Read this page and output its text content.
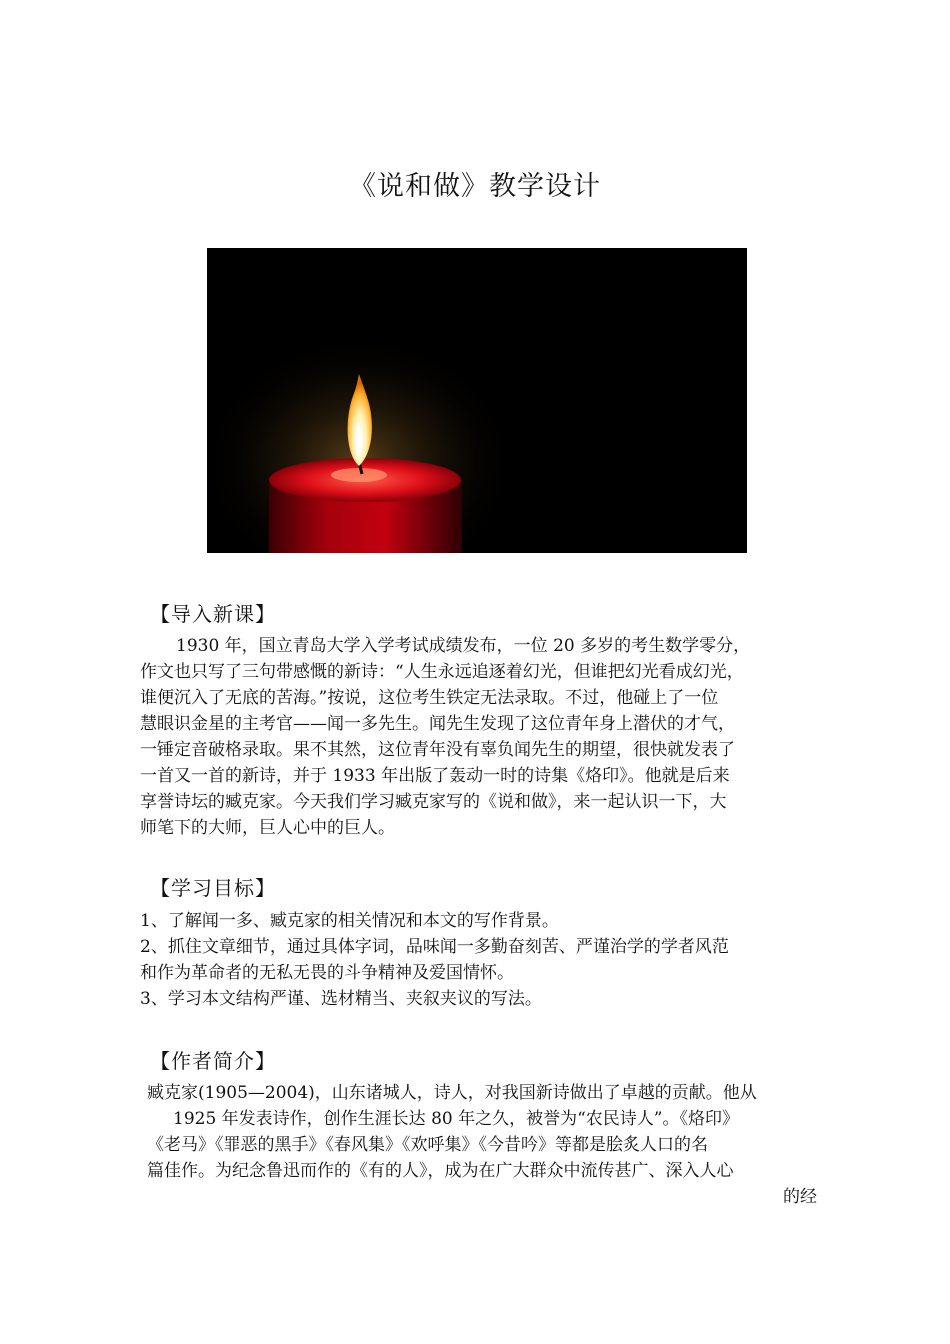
《说和做》教学设计
【导入新课】
1930 年，国立青岛大学入学考试成绩发布，一位 20 多岁的考生数学零分，
作文也只写了三句带感慨的新诗：“人生永远追逐着幻光，但谁把幻光看成幻光，
谁便沉入了无底的苦海。”按说，这位考生铁定无法录取。不过，他碰上了一位
慧眼识金星的主考官——闻一多先生。闻先生发现了这位青年身上潜伏的才气，
一锤定音破格录取。果不其然，这位青年没有辜负闻先生的期望，很快就发表了
一首又一首的新诗，并于 1933 年出版了轰动一时的诗集《烙印》。他就是后来
享誉诗坛的臧克家。今天我们学习臧克家写的《说和做》，来一起认识一下，大
师笔下的大师，巨人心中的巨人。
【学习目标】
1、了解闻一多、臧克家的相关情况和本文的写作背景。
2、抓住文章细节，通过具体字词，品味闻一多勤奋刻苦、严谨治学的学者风范
和作为革命者的无私无畏的斗争精神及爱国情怀。
3、学习本文结构严谨、选材精当、夹叙夹议的写法。
【作者简介】
臧克家(1905—2004)，山东诸城人，诗人，对我国新诗做出了卓越的贡献。他从
1925 年发表诗作，创作生涯长达 80 年之久，被誉为“农民诗人”。《烙印》
《老马》《罪恶的黑手》《春风集》《欢呼集》《今昔吟》等都是脍炙人口的名
篇佳作。为纪念鲁迅而作的《有的人》，成为在广大群众中流传甚广、深入人心
的经
